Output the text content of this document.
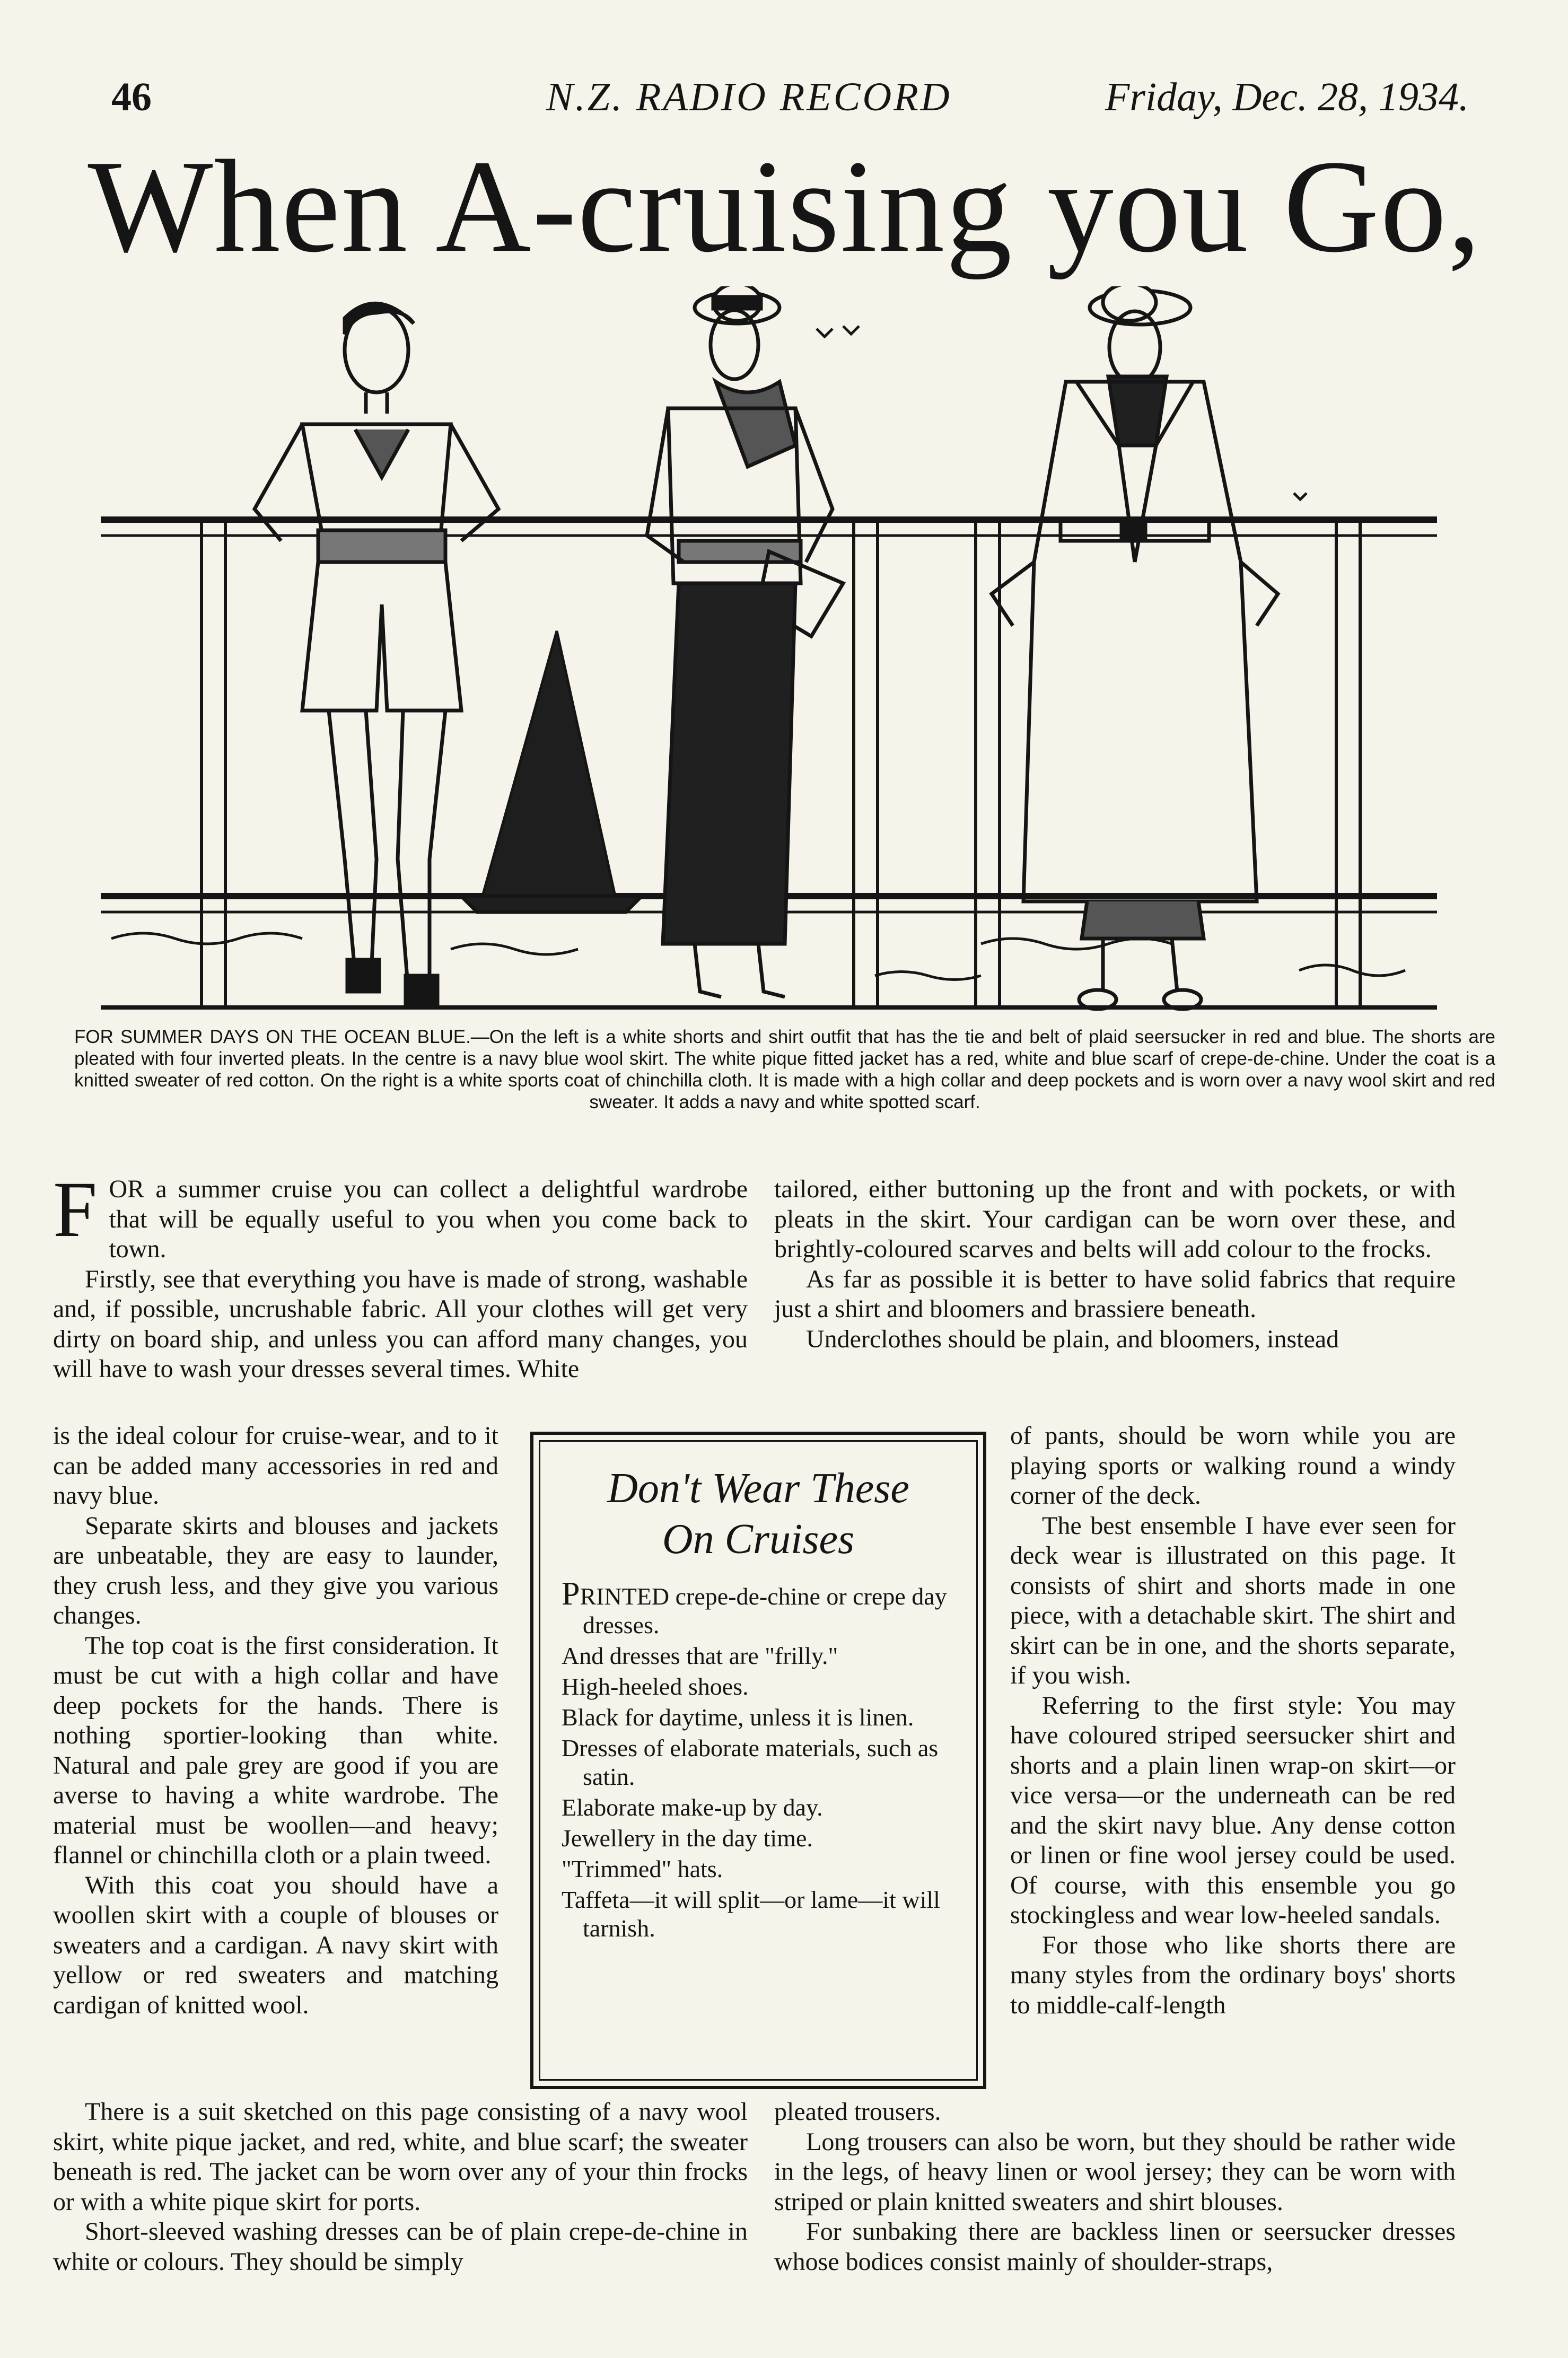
46	N.Z. RADIO RECORD	Friday, Dec. 28, 1934.
When A-cruising you Go,
FOR SUMMER DAYS ON THE OCEAN BLUE.—On the left is a white shorts and shirt outfit that has the tie and belt of plaid seersucker in red and blue. The shorts are pleated with four inverted pleats. In the centre is a navy blue wool skirt. The white pique fitted jacket has a red, white and blue scarf of crepe-de-chine. Under the coat is a knitted sweater of red cotton. On the right is a white sports coat of chinchilla cloth. It is made with a high collar and deep pockets and is worn over a navy wool skirt and red sweater. It adds a navy and white spotted scarf.
F OR a summer cruise you can collect a delightful wardrobe that will be equally useful to you when you come back to town.

Firstly, see that everything you have is made of strong, washable and, if possible, uncrushable fabric. All your clothes will get very dirty on board ship, and unless you can afford many changes, you will have to wash your dresses several times. White

tailored, either buttoning up the front and with pockets, or with pleats in the skirt. Your cardigan can be worn over these, and brightly-coloured scarves and belts will add colour to the frocks.

As far as possible it is better to have solid fabrics that require just a shirt and bloomers and brassiere beneath.

Underclothes should be plain, and bloomers, instead

is the ideal colour for cruise-wear, and to it can be added many accessories in red and navy blue.

Separate skirts and blouses and jackets are unbeatable, they are easy to launder, they crush less, and they give you various changes.

The top coat is the first consideration. It must be cut with a high collar and have deep pockets for the hands. There is nothing sportier-looking than white. Natural and pale grey are good if you are averse to having a white wardrobe. The material must be woollen—and heavy; flannel or chinchilla cloth or a plain tweed.

With this coat you should have a woollen skirt with a couple of blouses or sweaters and a cardigan. A navy skirt with yellow or red sweaters and matching cardigan of knitted wool.

Don't Wear These
On Cruises
PRINTED crepe-de-chine or crepe day dresses.
And dresses that are "frilly."
High-heeled shoes.
Black for daytime, unless it is linen.
Dresses of elaborate materials, such as satin.
Elaborate make-up by day.
Jewellery in the day time.
"Trimmed" hats.
Taffeta—it will split—or lame—it will tarnish.

of pants, should be worn while you are playing sports or walking round a windy corner of the deck.

The best ensemble I have ever seen for deck wear is illustrated on this page. It consists of shirt and shorts made in one piece, with a detachable skirt. The shirt and skirt can be in one, and the shorts separate, if you wish.

Referring to the first style: You may have coloured striped seersucker shirt and shorts and a plain linen wrap-on skirt—or vice versa—or the underneath can be red and the skirt navy blue. Any dense cotton or linen or fine wool jersey could be used. Of course, with this ensemble you go stockingless and wear low-heeled sandals.

For those who like shorts there are many styles from the ordinary boys' shorts to middle-calf-length

There is a suit sketched on this page consisting of a navy wool skirt, white pique jacket, and red, white, and blue scarf; the sweater beneath is red. The jacket can be worn over any of your thin frocks or with a white pique skirt for ports.

Short-sleeved washing dresses can be of plain crepe-de-chine in white or colours. They should be simply

pleated trousers.

Long trousers can also be worn, but they should be rather wide in the legs, of heavy linen or wool jersey; they can be worn with striped or plain knitted sweaters and shirt blouses.

For sunbaking there are backless linen or seersucker dresses whose bodices consist mainly of shoulder-straps,
